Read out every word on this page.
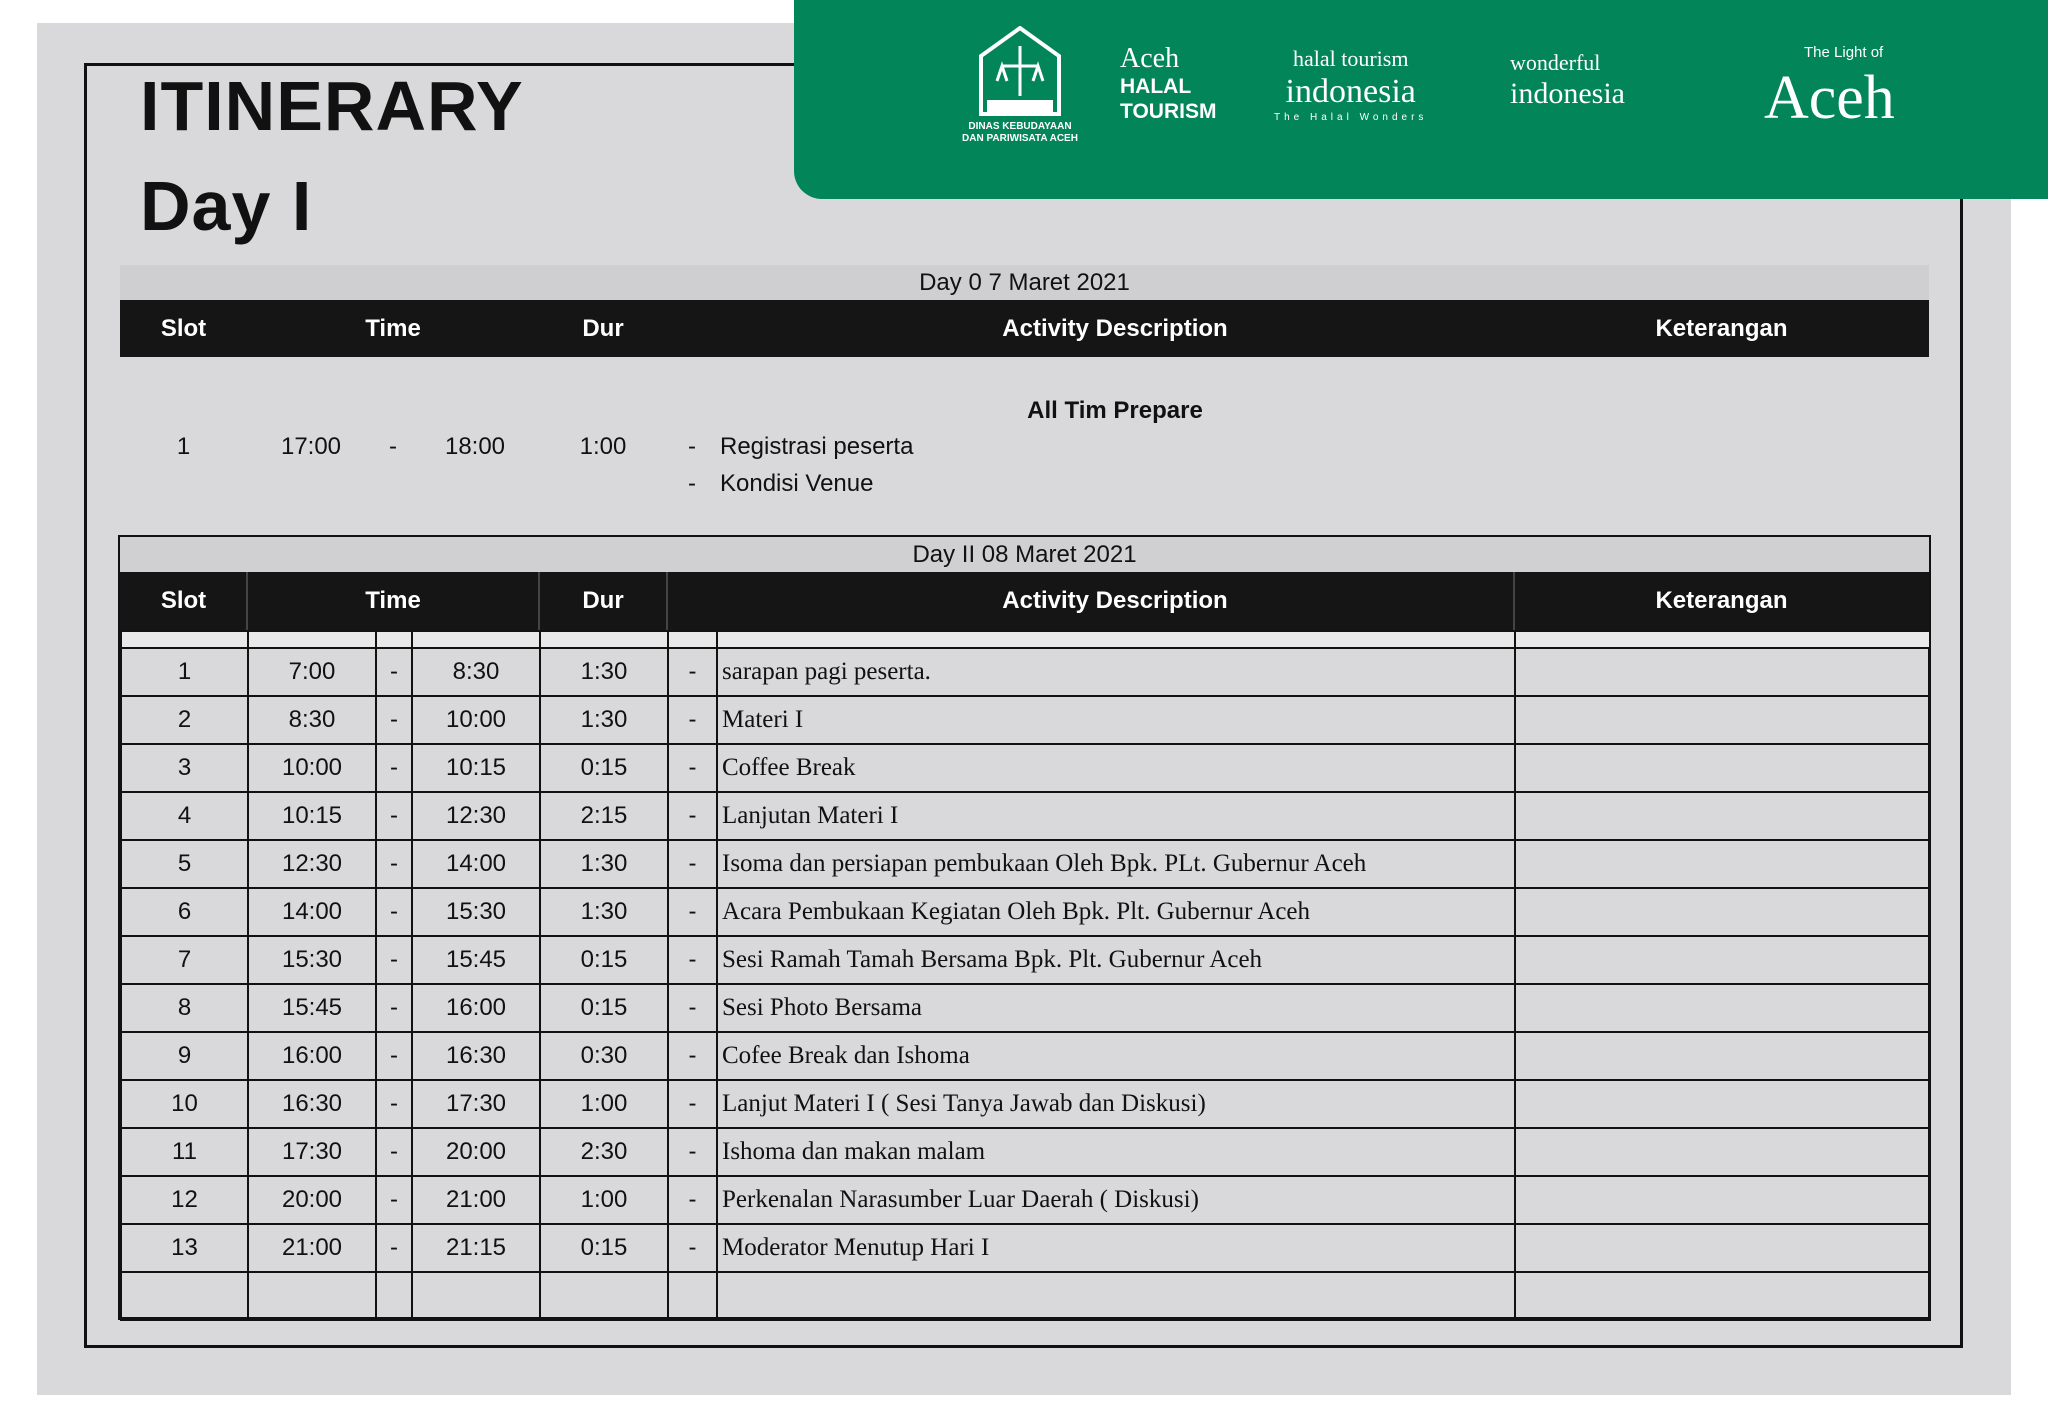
DINAS KEBUDAYAAN
DAN PARIWISATA ACEH
Aceh
HALAL
TOURISM
halal tourism
indonesia
The Halal Wonders
wonderful
indonesia
The Light of
Aceh
ITINERARY
Day I
Day 0 7 Maret 2021
Slot	Time	Dur	Activity Description	Keterangan
All Tim Prepare
1	17:00	-	18:00	1:00	-	Registrasi peserta
-	Kondisi Venue
Day II 08 Maret 2021
Slot	Time	Dur	Activity Description	Keterangan

1	7:00	-	8:30	1:30	-	sarapan pagi peserta.	
2	8:30	-	10:00	1:30	-	Materi I	
3	10:00	-	10:15	0:15	-	Coffee Break	
4	10:15	-	12:30	2:15	-	Lanjutan Materi I	
5	12:30	-	14:00	1:30	-	Isoma dan persiapan pembukaan Oleh Bpk. PLt. Gubernur Aceh	
6	14:00	-	15:30	1:30	-	Acara Pembukaan Kegiatan Oleh Bpk. Plt. Gubernur Aceh	
7	15:30	-	15:45	0:15	-	Sesi Ramah Tamah Bersama Bpk. Plt. Gubernur Aceh	
8	15:45	-	16:00	0:15	-	Sesi Photo Bersama	
9	16:00	-	16:30	0:30	-	Cofee Break dan Ishoma	
10	16:30	-	17:30	1:00	-	Lanjut Materi I ( Sesi Tanya Jawab dan Diskusi)	
11	17:30	-	20:00	2:30	-	Ishoma dan makan malam	
12	20:00	-	21:00	1:00	-	Perkenalan Narasumber Luar Daerah ( Diskusi)	
13	21:00	-	21:15	0:15	-	Moderator Menutup Hari I	
